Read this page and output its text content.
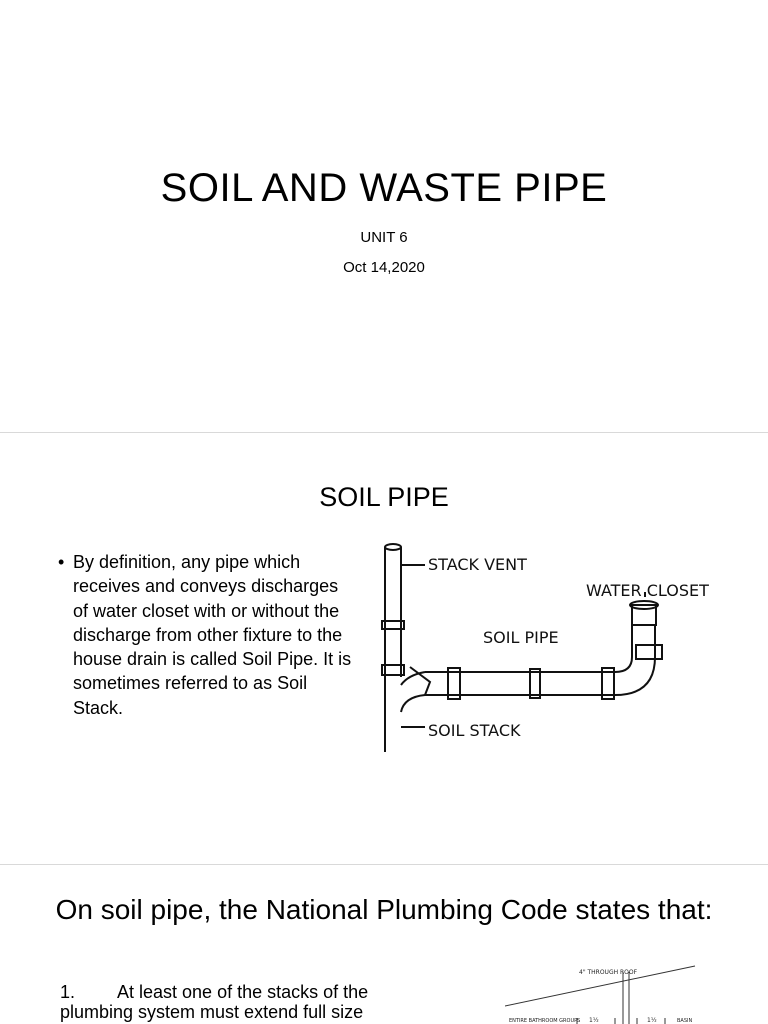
SOIL AND WASTE PIPE
UNIT 6
Oct 14,2020
SOIL PIPE
• By definition, any pipe which receives and conveys discharges of water closet with or without the discharge from other fixture to the house drain is called Soil Pipe. It is sometimes referred to as Soil Stack.
STACK VENT
WATER CLOSET
SOIL PIPE
SOIL STACK
On soil pipe, the National Plumbing Code states that:
1.	At least one of the stacks of the plumbing system must extend full size
4" THROUGH ROOF
ENTIRE BATHROOM GROUPS 1½	1½	BASIN
